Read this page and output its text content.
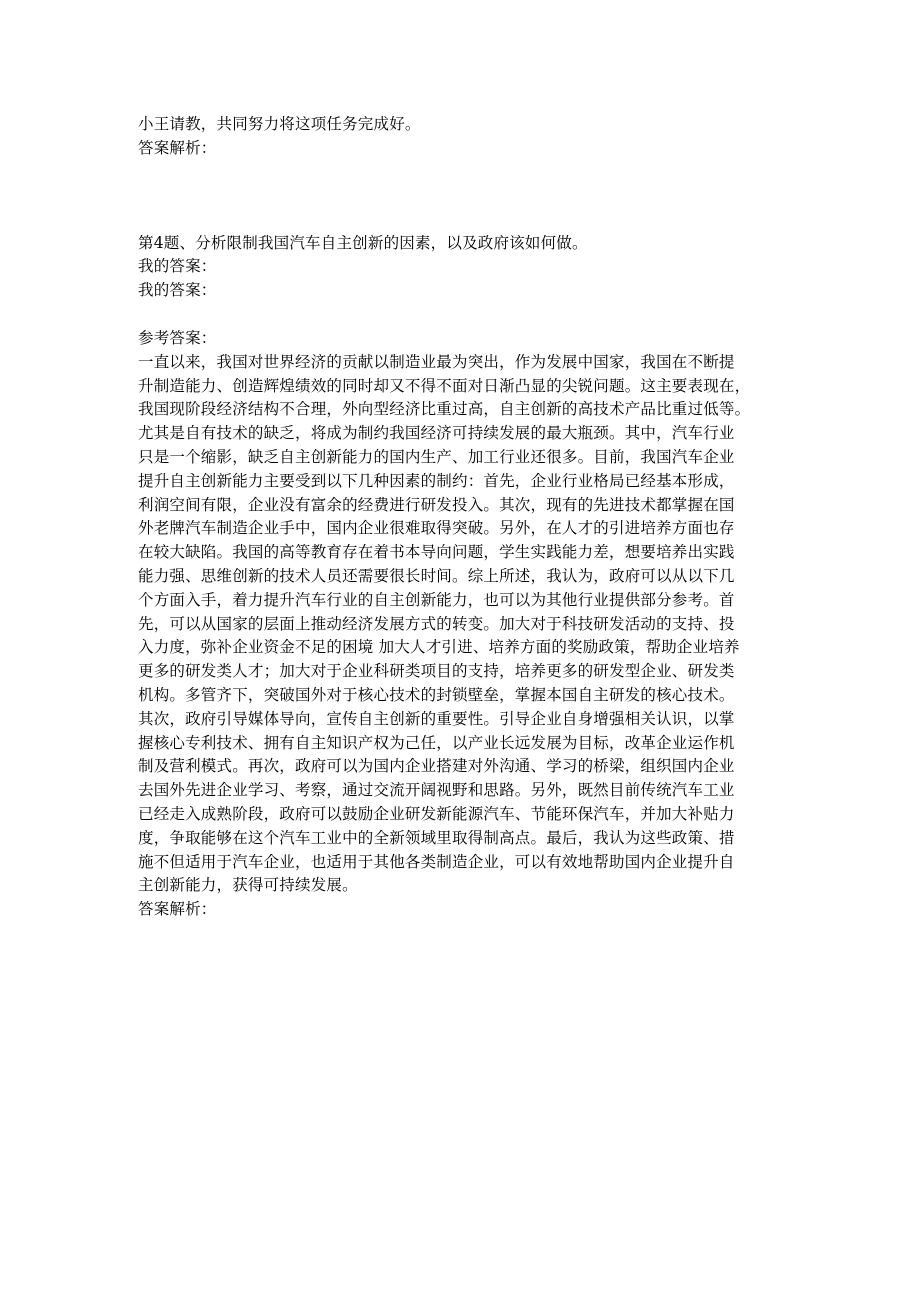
小王请教，共同努力将这项任务完成好。
答案解析：
第4题、分析限制我国汽车自主创新的因素，以及政府该如何做。
我的答案：
我的答案：
参考答案：
一直以来，我国对世界经济的贡献以制造业最为突出，作为发展中国家，我国在不断提
升制造能力、创造辉煌绩效的同时却又不得不面对日渐凸显的尖锐问题。这主要表现在，
我国现阶段经济结构不合理，外向型经济比重过高，自主创新的高技术产品比重过低等。
尤其是自有技术的缺乏，将成为制约我国经济可持续发展的最大瓶颈。其中，汽车行业
只是一个缩影，缺乏自主创新能力的国内生产、加工行业还很多。目前，我国汽车企业
提升自主创新能力主要受到以下几种因素的制约：首先，企业行业格局已经基本形成，
利润空间有限，企业没有富余的经费进行研发投入。其次，现有的先进技术都掌握在国
外老牌汽车制造企业手中，国内企业很难取得突破。另外，在人才的引进培养方面也存
在较大缺陷。我国的高等教育存在着书本导向问题，学生实践能力差，想要培养出实践
能力强、思维创新的技术人员还需要很长时间。综上所述，我认为，政府可以从以下几
个方面入手，着力提升汽车行业的自主创新能力，也可以为其他行业提供部分参考。首
先，可以从国家的层面上推动经济发展方式的转变。加大对于科技研发活动的支持、投
入力度，弥补企业资金不足的困境 加大人才引进、培养方面的奖励政策，帮助企业培养
更多的研发类人才；加大对于企业科研类项目的支持，培养更多的研发型企业、研发类
机构。多管齐下，突破国外对于核心技术的封锁壁垒，掌握本国自主研发的核心技术。
其次，政府引导媒体导向，宣传自主创新的重要性。引导企业自身增强相关认识，以掌
握核心专利技术、拥有自主知识产权为己任，以产业长远发展为目标，改革企业运作机
制及营利模式。再次，政府可以为国内企业搭建对外沟通、学习的桥梁，组织国内企业
去国外先进企业学习、考察，通过交流开阔视野和思路。另外，既然目前传统汽车工业
已经走入成熟阶段，政府可以鼓励企业研发新能源汽车、节能环保汽车，并加大补贴力
度，争取能够在这个汽车工业中的全新领域里取得制高点。最后，我认为这些政策、措
施不但适用于汽车企业，也适用于其他各类制造企业，可以有效地帮助国内企业提升自
主创新能力，获得可持续发展。
答案解析：
